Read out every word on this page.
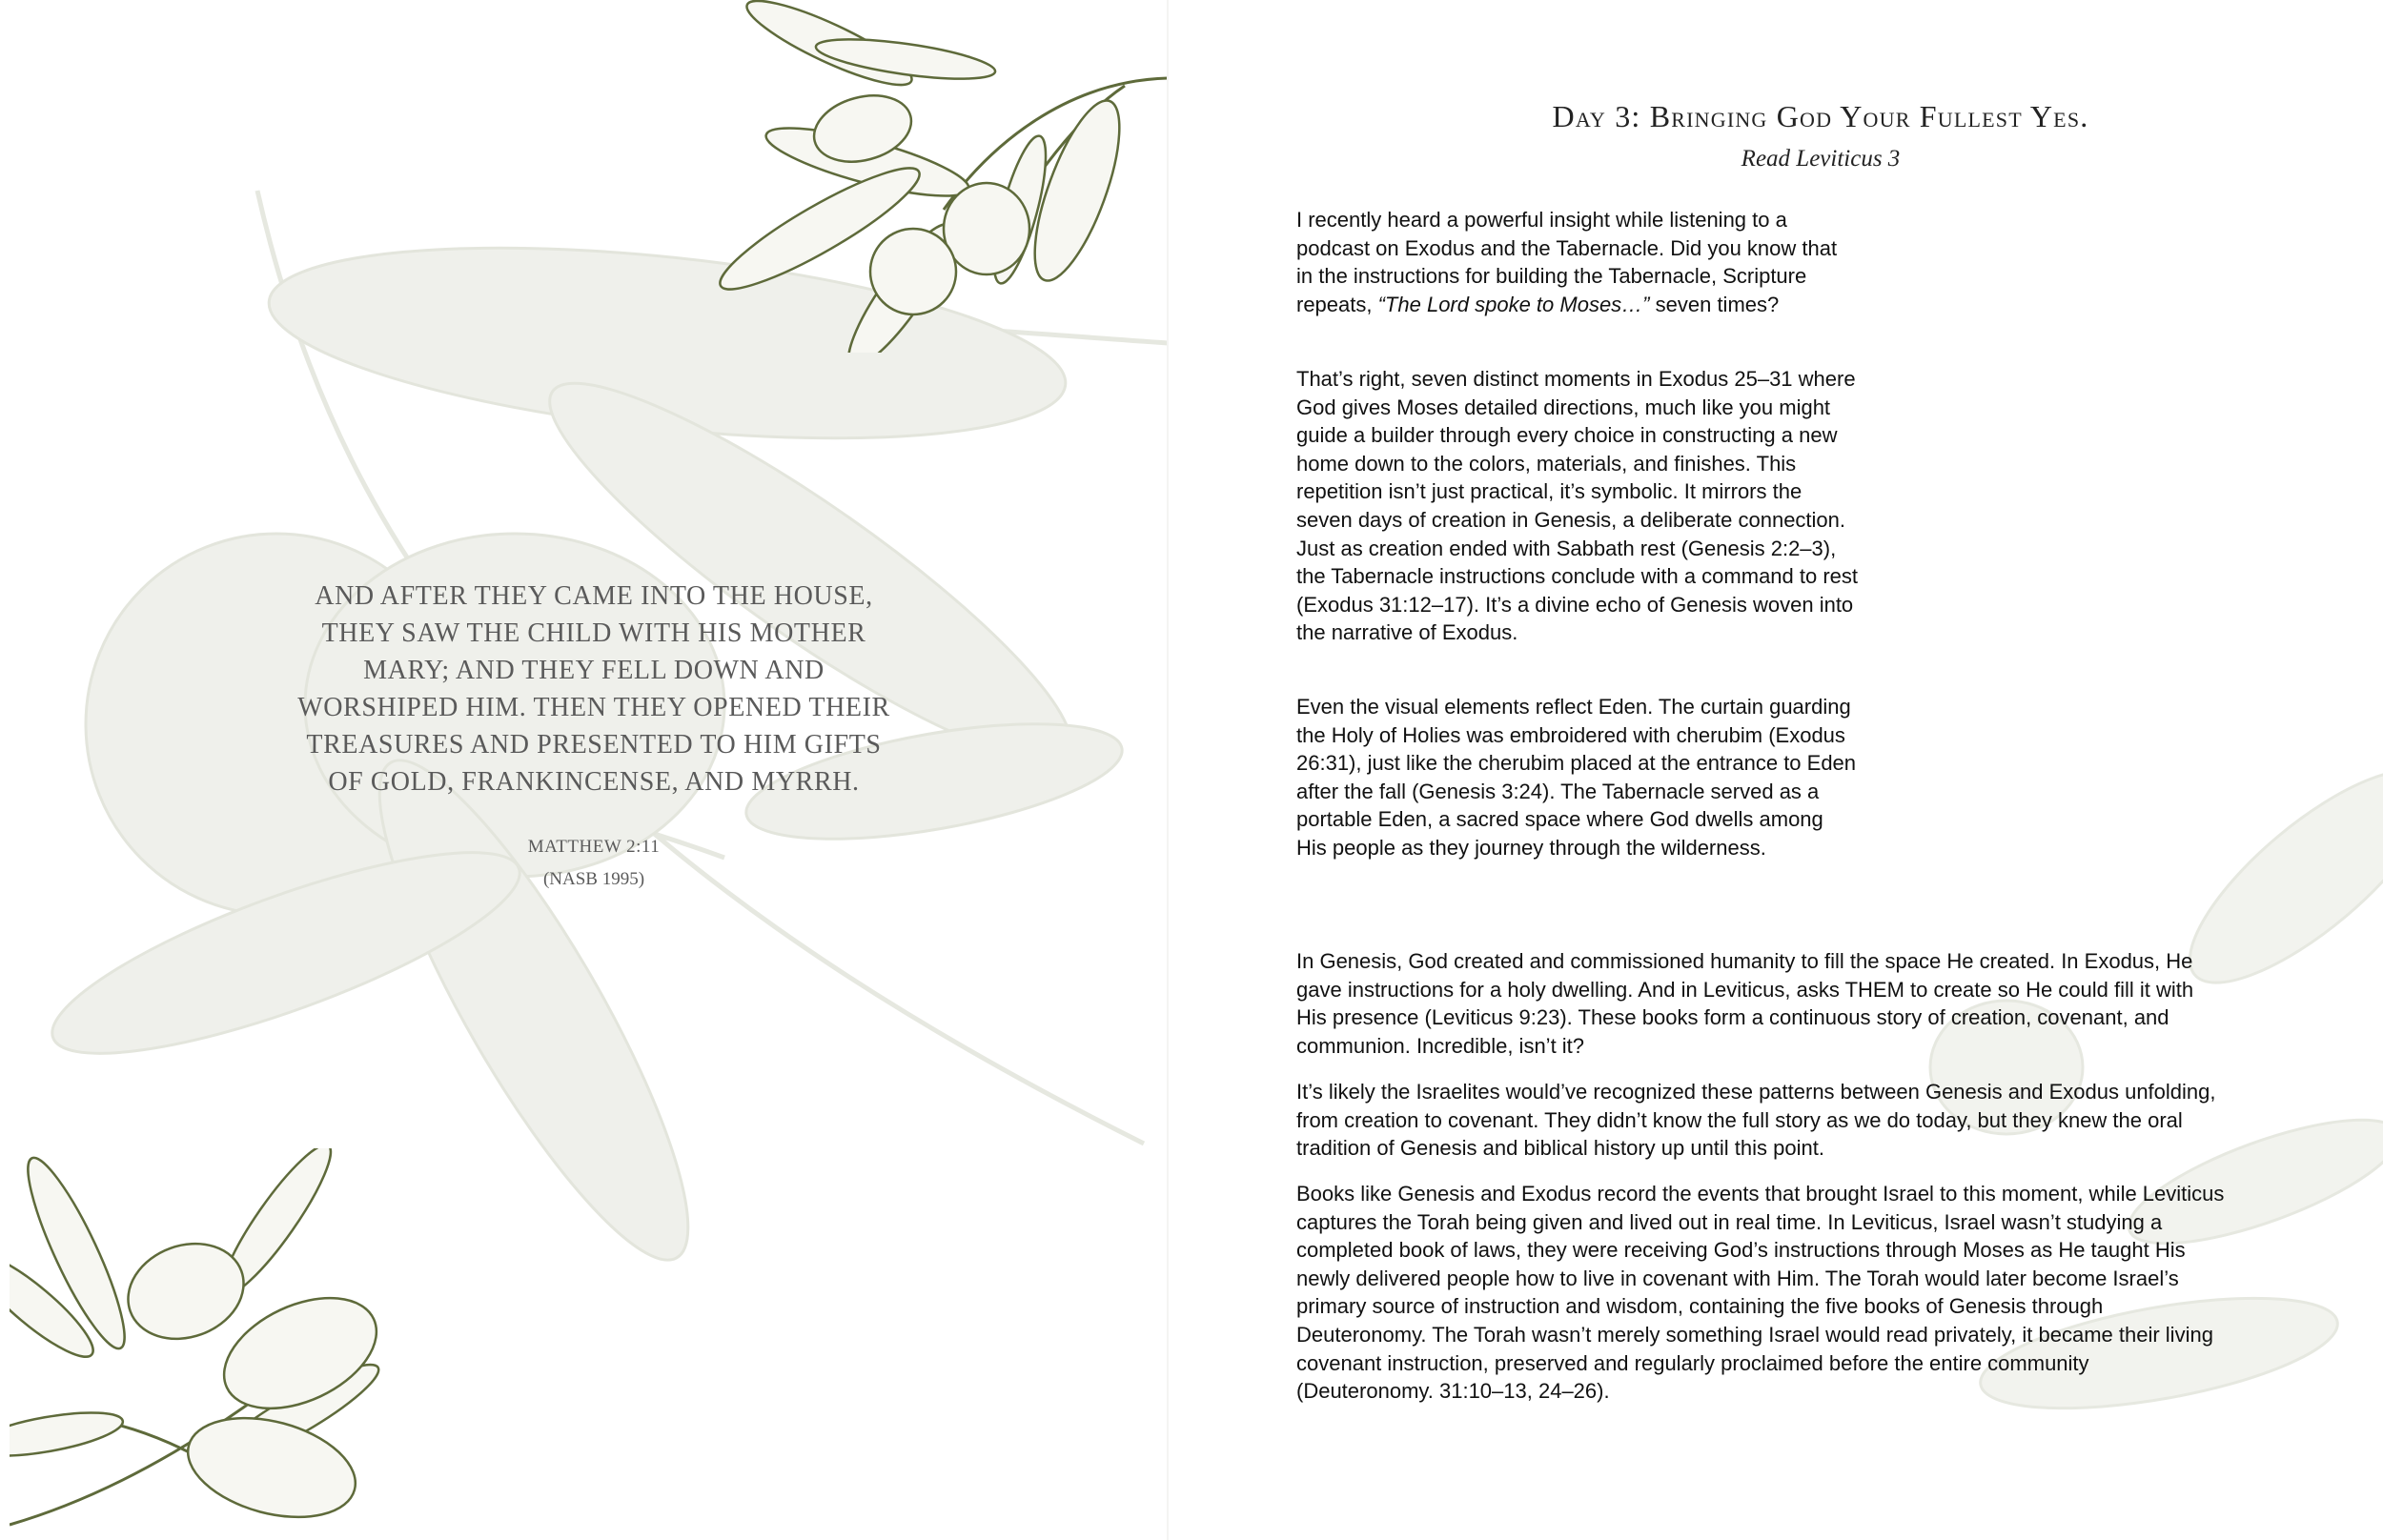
AND AFTER THEY CAME INTO THE HOUSE, THEY SAW THE CHILD WITH HIS MOTHER MARY; AND THEY FELL DOWN AND WORSHIPED HIM. THEN THEY OPENED THEIR TREASURES AND PRESENTED TO HIM GIFTS OF GOLD, FRANKINCENSE, AND MYRRH.

MATTHEW 2:11
(NASB 1995)
Day 3: Bringing God Your Fullest Yes.
Read Leviticus 3

I recently heard a powerful insight while listening to a podcast on Exodus and the Tabernacle. Did you know that in the instructions for building the Tabernacle, Scripture repeats, “The Lord spoke to Moses…” seven times?

That’s right, seven distinct moments in Exodus 25–31 where God gives Moses detailed directions, much like you might guide a builder through every choice in constructing a new home down to the colors, materials, and finishes. This repetition isn’t just practical, it’s symbolic. It mirrors the seven days of creation in Genesis, a deliberate connection. Just as creation ended with Sabbath rest (Genesis 2:2–3), the Tabernacle instructions conclude with a command to rest (Exodus 31:12–17). It’s a divine echo of Genesis woven into the narrative of Exodus.

Even the visual elements reflect Eden. The curtain guarding the Holy of Holies was embroidered with cherubim (Exodus 26:31), just like the cherubim placed at the entrance to Eden after the fall (Genesis 3:24). The Tabernacle served as a portable Eden, a sacred space where God dwells among His people as they journey through the wilderness.

In Genesis, God created and commissioned humanity to fill the space He created. In Exodus, He gave instructions for a holy dwelling. And in Leviticus, asks THEM to create so He could fill it with His presence (Leviticus 9:23). These books form a continuous story of creation, covenant, and communion. Incredible, isn’t it?

It’s likely the Israelites would’ve recognized these patterns between Genesis and Exodus unfolding, from creation to covenant. They didn’t know the full story as we do today, but they knew the oral tradition of Genesis and biblical history up until this point.

Books like Genesis and Exodus record the events that brought Israel to this moment, while Leviticus captures the Torah being given and lived out in real time. In Leviticus, Israel wasn’t studying a completed book of laws, they were receiving God’s instructions through Moses as He taught His newly delivered people how to live in covenant with Him. The Torah would later become Israel’s primary source of instruction and wisdom, containing the five books of Genesis through Deuteronomy. The Torah wasn’t merely something Israel would read privately, it became their living covenant instruction, preserved and regularly proclaimed before the entire community (Deuteronomy. 31:10–13, 24–26).
